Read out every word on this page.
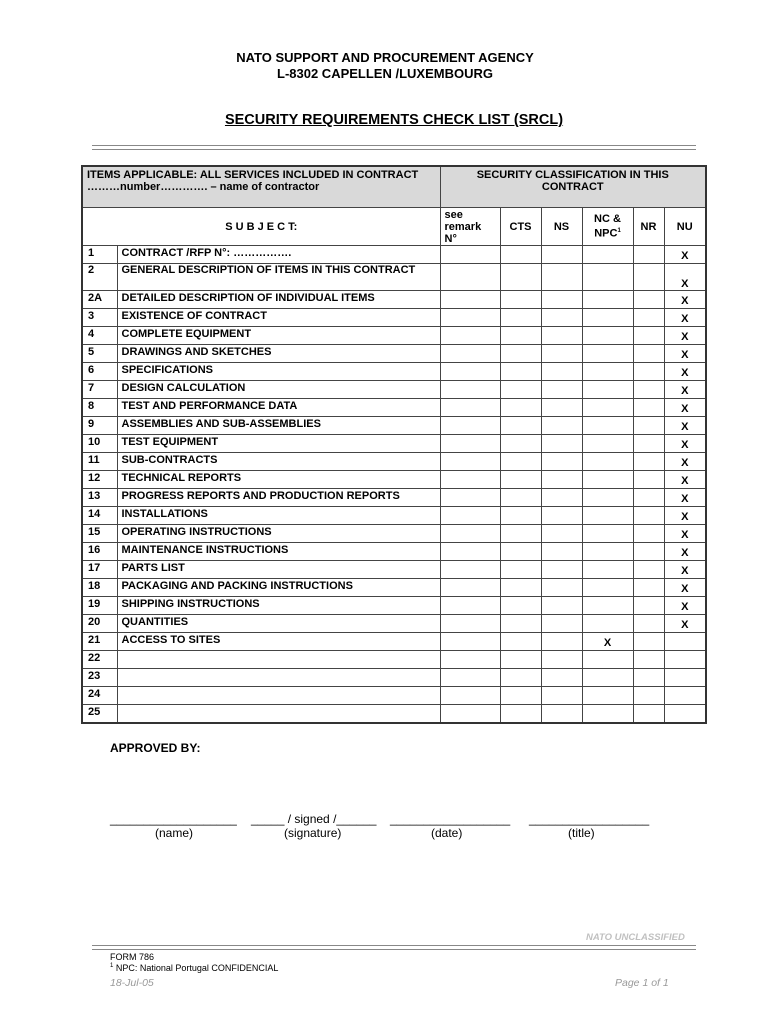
NATO SUPPORT AND PROCUREMENT AGENCY
L-8302 CAPELLEN /LUXEMBOURG
SECURITY REQUIREMENTS CHECK LIST (SRCL)
ITEMS APPLICABLE: ALL SERVICES INCLUDED IN CONTRACT ………number…………. – name of contractor		SECURITY CLASSIFICATION IN THIS CONTRACT					
S U B J E C T:		see remark N°	CTS	NS	NC & NPC$^1$	NR	NU
1	CONTRACT /RFP N°: …………….						X
2	GENERAL DESCRIPTION OF ITEMS IN THIS CONTRACT						X
2A	DETAILED DESCRIPTION OF INDIVIDUAL ITEMS						X
3	EXISTENCE OF CONTRACT						X
4	COMPLETE EQUIPMENT						X
5	DRAWINGS AND SKETCHES						X
6	SPECIFICATIONS						X
7	DESIGN CALCULATION						X
8	TEST AND PERFORMANCE DATA						X
9	ASSEMBLIES AND SUB-ASSEMBLIES						X
10	TEST EQUIPMENT						X
11	SUB-CONTRACTS						X
12	TECHNICAL REPORTS						X
13	PROGRESS REPORTS AND PRODUCTION REPORTS						X
14	INSTALLATIONS						X
15	OPERATING INSTRUCTIONS						X
16	MAINTENANCE INSTRUCTIONS						X
17	PARTS LIST						X
18	PACKAGING AND PACKING INSTRUCTIONS						X
19	SHIPPING INSTRUCTIONS						X
20	QUANTITIES						X
21	ACCESS TO SITES				X		
22							
23							
24							
25							
APPROVED BY:
___________________ _____ / signed /______ __________________ __________________
(name)	(signature)	(date)	(title)
NATO UNCLASSIFIED
FORM 786
$^1$ NPC: National Portugal CONFIDENCIAL
18-Jul-05	Page 1 of 1
